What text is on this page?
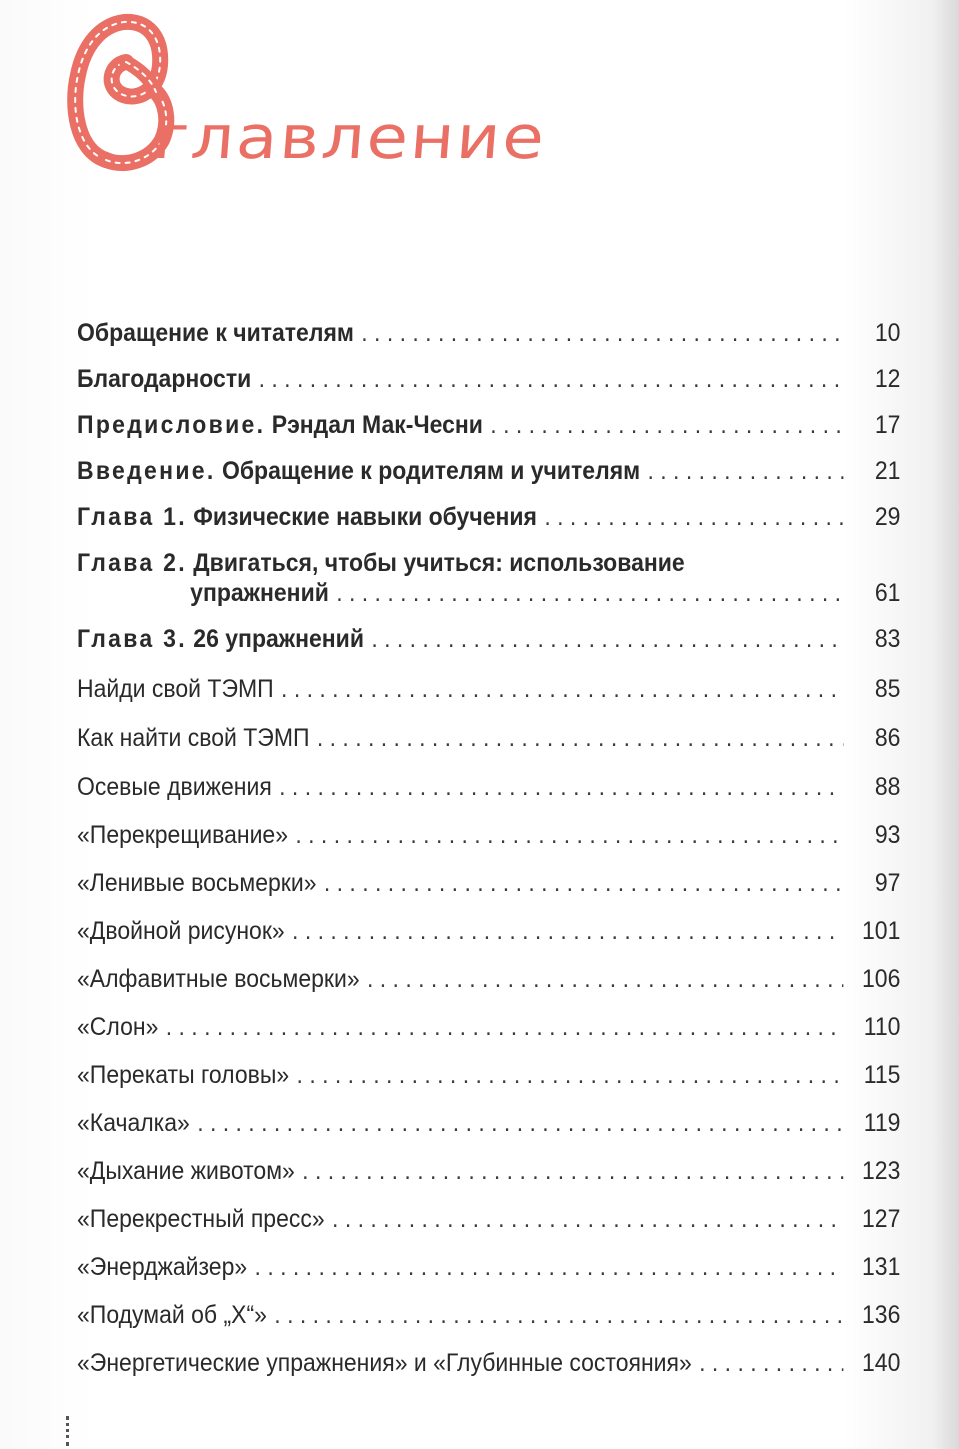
главление
Обращение к читателям . . .	10
Благодарности . . .	12
Предисловие. Рэндал Мак-Чесни . . .	17
Введение. Обращение к родителям и учителям . . .	21
Глава 1. Физические навыки обучения . . .	29
Глава 2. Двигаться, чтобы учиться: использование
упражнений . . .	61
Глава 3. 26 упражнений . . .	83
Найди свой ТЭМП . . .	85
Как найти свой ТЭМП . . .	86
Осевые движения . . .	88
«Перекрещивание» . . .	93
«Ленивые восьмерки» . . .	97
«Двойной рисунок» . . .	101
«Алфавитные восьмерки» . . .	106
«Слон» . . .	110
«Перекаты головы» . . .	115
«Качалка» . . .	119
«Дыхание животом» . . .	123
«Перекрестный пресс» . . .	127
«Энерджайзер» . . .	131
«Подумай об „Х“» . . .	136
«Энергетические упражнения» и «Глубинные состояния» . . .	140
